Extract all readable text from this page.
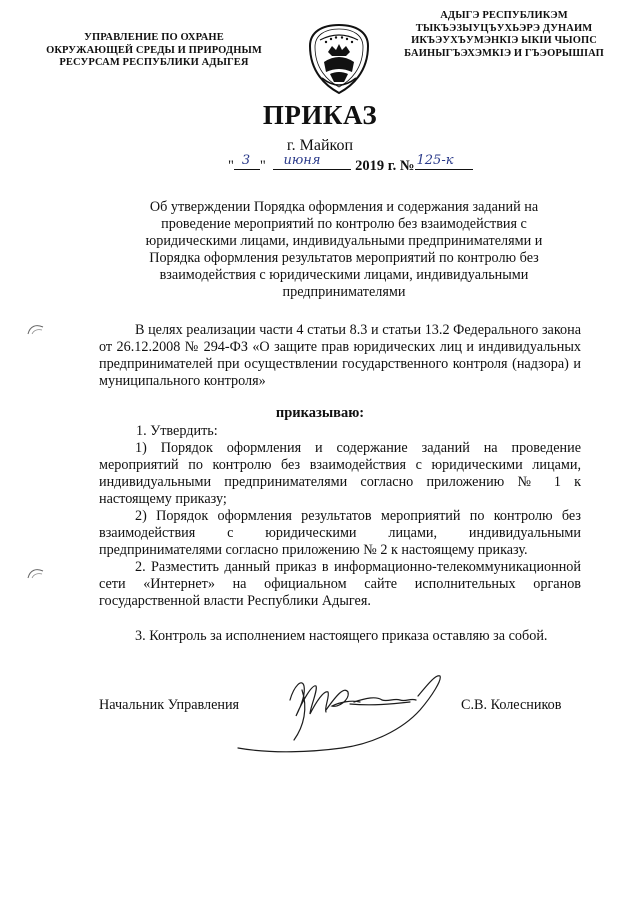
УПРАВЛЕНИЕ ПО ОХРАНЕ
ОКРУЖАЮЩЕЙ СРЕДЫ И ПРИРОДНЫМ
РЕСУРСАМ РЕСПУБЛИКИ АДЫГЕЯ
АДЫГЭ РЕСПУБЛИКЭМ
ТЫКЪЭЗЫУЦЪУХЬЭРЭ ДУНАИМ
ИКЪЭУХЪУМЭНКIЭ ЫКIИ ЧЫОПС
БАИНЫГЪЭХЭМКIЭ И ГЪЭОРЫШIАП
ПРИКАЗ
г. Майкоп
" 3 " июня 2019 г. № 125-к
Об утверждении Порядка оформления и содержания заданий на
проведение мероприятий по контролю без взаимодействия с
юридическими лицами, индивидуальными предпринимателями и
Порядка оформления результатов мероприятий по контролю без
взаимодействия с юридическими лицами, индивидуальными
предпринимателями
В целях реализации части 4 статьи 8.3 и статьи 13.2 Федерального закона от 26.12.2008 № 294-ФЗ «О защите прав юридических лиц и индивидуальных предпринимателей при осуществлении государственного контроля (надзора) и муниципального контроля»
приказываю:
1. Утвердить:
1) Порядок оформления и содержание заданий на проведение мероприятий по контролю без взаимодействия с юридическими лицами, индивидуальными предпринимателями согласно приложению № 1 к настоящему приказу;
2) Порядок оформления результатов мероприятий по контролю без взаимодействия с юридическими лицами, индивидуальными предпринимателями согласно приложению № 2 к настоящему приказу.
2. Разместить данный приказ в информационно-телекоммуникационной сети «Интернет» на официальном сайте исполнительных органов государственной власти Республики Адыгея.
3. Контроль за исполнением настоящего приказа оставляю за собой.
Начальник Управления	С.В. Колесников
